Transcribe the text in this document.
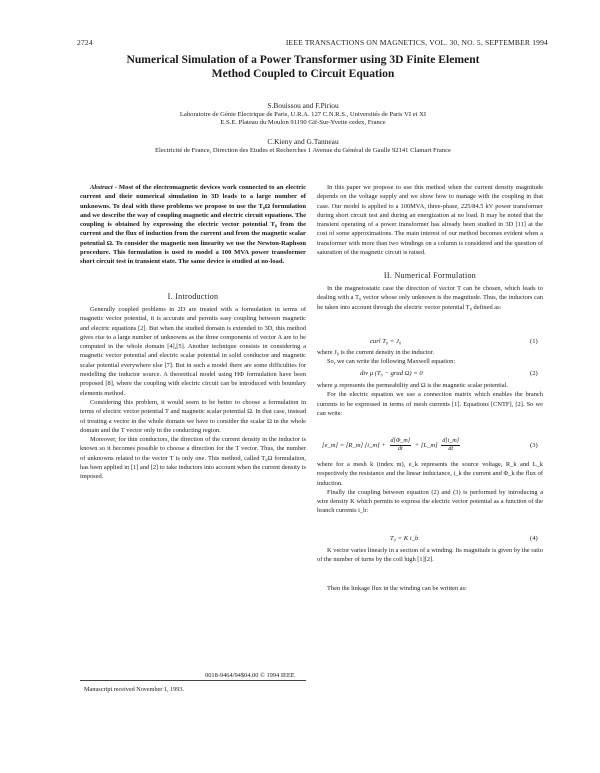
2724	IEEE TRANSACTIONS ON MAGNETICS, VOL. 30, NO. 5, SEPTEMBER 1994
Numerical Simulation of a Power Transformer using 3D Finite Element
Method Coupled to Circuit Equation
S.Bouissou and F.Piriou
Laboratoire de Génie Electrique de Paris, U.R.A. 127 C.N.R.S., Universités de Paris VI et XI
E.S.E. Plateau du Moulon 91190 Gif-Sur-Yvette cedex, France
C.Kieny and G.Tanneau
Electricité de France, Direction des Etudes et Recherches 1 Avenue du Général de Gaulle 92141 Clamart France

Abstract - Most of the electromagnetic devices work connected to an electric current and their numerical simulation in 3D leads to a large number of unknowns. To deal with these problems we propose to use the T₀Ω formulation and we describe the way of coupling magnetic and electric circuit equations. The coupling is obtained by expressing the electric vector potential T₀ from the current and the flux of induction from the current and from the magnetic scalar potential Ω. To consider the magnetic non linearity we use the Newton-Raphson procedure. This formulation is used to model a 100 MVA power transformer short circuit test in transient state. The same device is studied at no-load.

I. Introduction

Generally coupled problems in 2D are treated with a formulation in terms of magnetic vector potential, it is accurate and permits easy coupling between magnetic and electric equations [2]. But when the studied domain is extended to 3D, this method gives rise to a large number of unknowns as the three components of vector A are to be computed in the whole domain [4],[5]. Another technique consists in considering a magnetic vector potential and electric scalar potential in solid conductor and magnetic scalar potential everywhere else [7]. But in such a model there are some difficulties for modelling the inductor source. A theoretical model using HΦ formulation have been proposed [8], where the coupling with electric circuit can be introduced with boundary elements method.

Considering this problem, it would seem to be better to choose a formulation in terms of electric vector potential T and magnetic scalar potential Ω. In that case, instead of treating a vector in the whole domain we have to consider the scalar Ω in the whole domain and the T vector only in the conducting region.

Moreover, for thin conductors, the direction of the current density in the inductor is known so it becomes possible to choose a direction for the T vector. Thus, the number of unknowns related to the vector T is only one. This method, called T₀Ω formulation, has been applied in [1] and [2] to take inductors into account when the current density is imposed.

In this paper we propose to use this method when the current density magnitude depends on the voltage supply and we show how to manage with the coupling in that case. Our model is applied to a 100MVA, three-phase, 225/84.5 kV power transformer during short circuit test and during an energization at no load. It may be noted that the transient operating of a power transformer has already been studied in 3D [11] at the cost of some approximations. The main interest of our method becomes evident when a transformer with more than two windings on a column is considered and the question of saturation of the magnetic circuit is raised.

II. Numerical Formulation

In the magnetostatic case the direction of vector T can be chosen, which leads to dealing with a T₀ vector whose only unknown is the magnitude. Thus, the inductors can be taken into account through the electric vector potential T₀ defined as:

curl T₀ = J₀	(1)

where J₀ is the current density in the inductor.

So, we can write the following Maxwell equation:

div μ (T₀ − grad Ω) = 0	(2)

where μ represents the permeability and Ω is the magnetic scalar potential.

For the electric equation we use a connection matrix which enables the branch currents to be expressed in terms of mesh currents [1]. Equations [CNTF], [2]. So we can write:

[e_m] = [R_m] [i_m] + $\frac{d[\Phi\_m]}{dt}$ + [L_m] $\frac{d[i\_m]}{dt}$	(3)

where for a mesh k (index m), e_k represents the source voltage, R_k and L_k respectively the resistance and the linear inductance, i_k the current and Φ_k the flux of induction.

Finally the coupling between equation (2) and (3) is performed by introducing a wire density K which permits to express the electric vector potential as a function of the branch currents i_b:

T₀ = K i_b	(4)

K vector varies linearly in a section of a winding. Its magnitude is given by the ratio of the number of turns by the coil high [1][2].

Then the linkage flux in the winding can be written as:

0018-9464/94$04.00 © 1994 IEEE
Manuscript received November 1, 1993.
